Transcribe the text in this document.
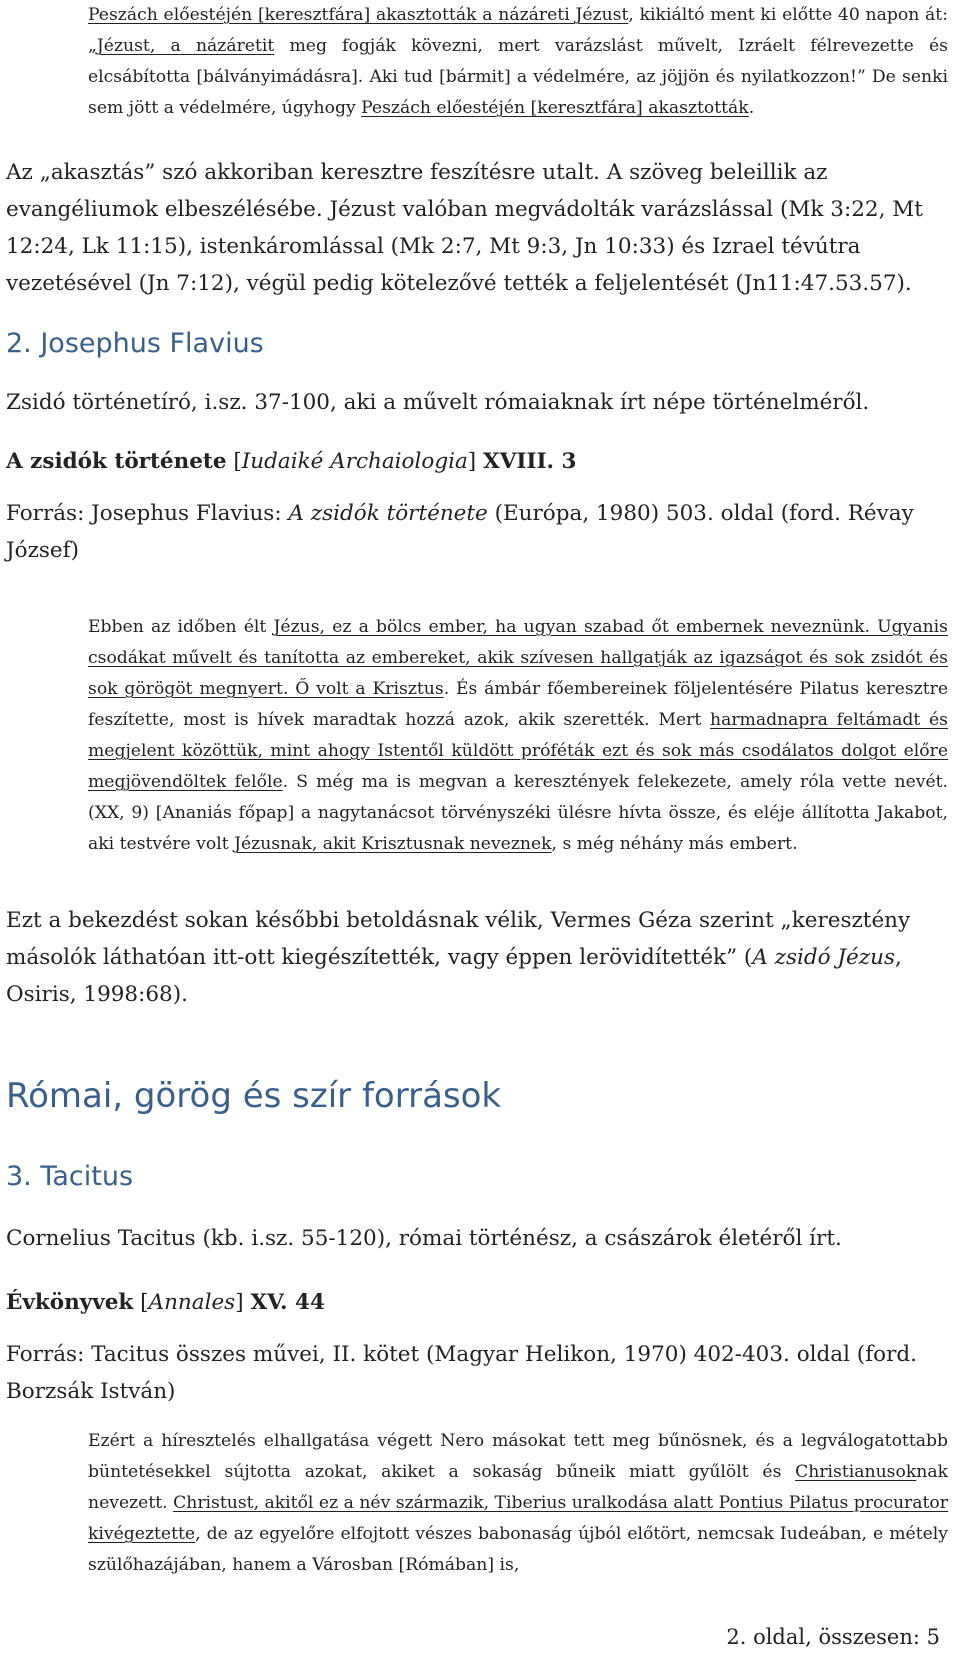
Peszách előestéjén [keresztfára] akasztották a názáreti Jézust, kikiáltó ment ki előtte 40 napon át: „Jézust, a názáretit meg fogják kövezni, mert varázslást művelt, Izráelt félrevezette és elcsábította [bálványimádásra]. Aki tud [bármit] a védelmére, az jöjjön és nyilatkozzon!” De senki sem jött a védelmére, úgyhogy Peszách előestéjén [keresztfára] akasztották.
Az „akasztás” szó akkoriban keresztre feszítésre utalt. A szöveg beleillik az evangéliumok elbeszélésébe. Jézust valóban megvádolták varázslással (Mk 3:22, Mt 12:24, Lk 11:15), istenkáromlással (Mk 2:7, Mt 9:3, Jn 10:33) és Izrael tévútra vezetésével (Jn 7:12), végül pedig kötelezővé tették a feljelentését (Jn11:47.53.57).
2. Josephus Flavius
Zsidó történetíró, i.sz. 37-100, aki a művelt rómaiaknak írt népe történelméről.
A zsidók története [Iudaiké Archaiologia] XVIII. 3
Forrás: Josephus Flavius: A zsidók története (Európa, 1980) 503. oldal (ford. Révay József)
Ebben az időben élt Jézus, ez a bölcs ember, ha ugyan szabad őt embernek neveznünk. Ugyanis csodákat művelt és tanította az embereket, akik szívesen hallgatják az igazságot és sok zsidót és sok görögöt megnyert. Ő volt a Krisztus. És ámbár főembereinek följelentésére Pilatus keresztre feszítette, most is hívek maradtak hozzá azok, akik szerették. Mert harmadnapra feltámadt és megjelent közöttük, mint ahogy Istentől küldött próféták ezt és sok más csodálatos dolgot előre megjövendöltek felőle. S még ma is megvan a keresztények felekezete, amely róla vette nevét. (XX, 9) [Ananiás főpap] a nagytanácsot törvényszéki ülésre hívta össze, és eléje állította Jakabot, aki testvére volt Jézusnak, akit Krisztusnak neveznek, s még néhány más embert.
Ezt a bekezdést sokan későbbi betoldásnak vélik, Vermes Géza szerint „keresztény másolók láthatóan itt-ott kiegészítették, vagy éppen lerövidítették” (A zsidó Jézus, Osiris, 1998:68).
Római, görög és szír források
3. Tacitus
Cornelius Tacitus (kb. i.sz. 55-120), római történész, a császárok életéről írt.
Évkönyvek [Annales] XV. 44
Forrás: Tacitus összes művei, II. kötet (Magyar Helikon, 1970) 402-403. oldal (ford. Borzsák István)
Ezért a híresztelés elhallgatása végett Nero másokat tett meg bűnösnek, és a legválogatottabb büntetésekkel sújtotta azokat, akiket a sokaság bűneik miatt gyűlölt és Christianusoknak nevezett. Christust, akitől ez a név származik, Tiberius uralkodása alatt Pontius Pilatus procurator kivégeztette, de az egyelőre elfojtott vészes babonaság újból előtört, nemcsak Iudeában, e métely szülőhazájában, hanem a Városban [Rómában] is,
2. oldal, összesen: 5
